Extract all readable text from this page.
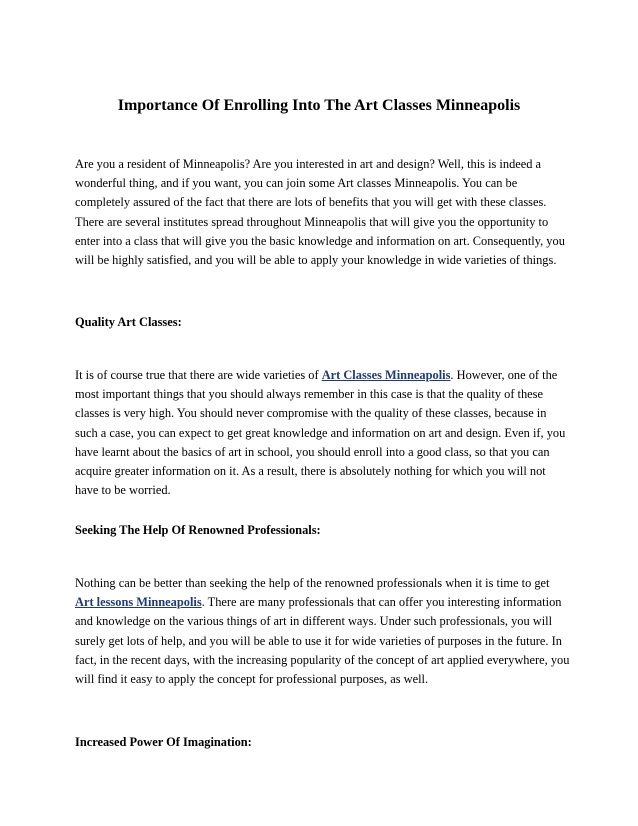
Importance Of Enrolling Into The Art Classes Minneapolis

Are you a resident of Minneapolis? Are you interested in art and design? Well, this is indeed a wonderful thing, and if you want, you can join some Art classes Minneapolis. You can be completely assured of the fact that there are lots of benefits that you will get with these classes. There are several institutes spread throughout Minneapolis that will give you the opportunity to enter into a class that will give you the basic knowledge and information on art. Consequently, you will be highly satisfied, and you will be able to apply your knowledge in wide varieties of things.

Quality Art Classes:

It is of course true that there are wide varieties of Art Classes Minneapolis. However, one of the most important things that you should always remember in this case is that the quality of these classes is very high. You should never compromise with the quality of these classes, because in such a case, you can expect to get great knowledge and information on art and design. Even if, you have learnt about the basics of art in school, you should enroll into a good class, so that you can acquire greater information on it. As a result, there is absolutely nothing for which you will not have to be worried.

Seeking The Help Of Renowned Professionals:

Nothing can be better than seeking the help of the renowned professionals when it is time to get Art lessons Minneapolis. There are many professionals that can offer you interesting information and knowledge on the various things of art in different ways. Under such professionals, you will surely get lots of help, and you will be able to use it for wide varieties of purposes in the future. In fact, in the recent days, with the increasing popularity of the concept of art applied everywhere, you will find it easy to apply the concept for professional purposes, as well.

Increased Power Of Imagination:
